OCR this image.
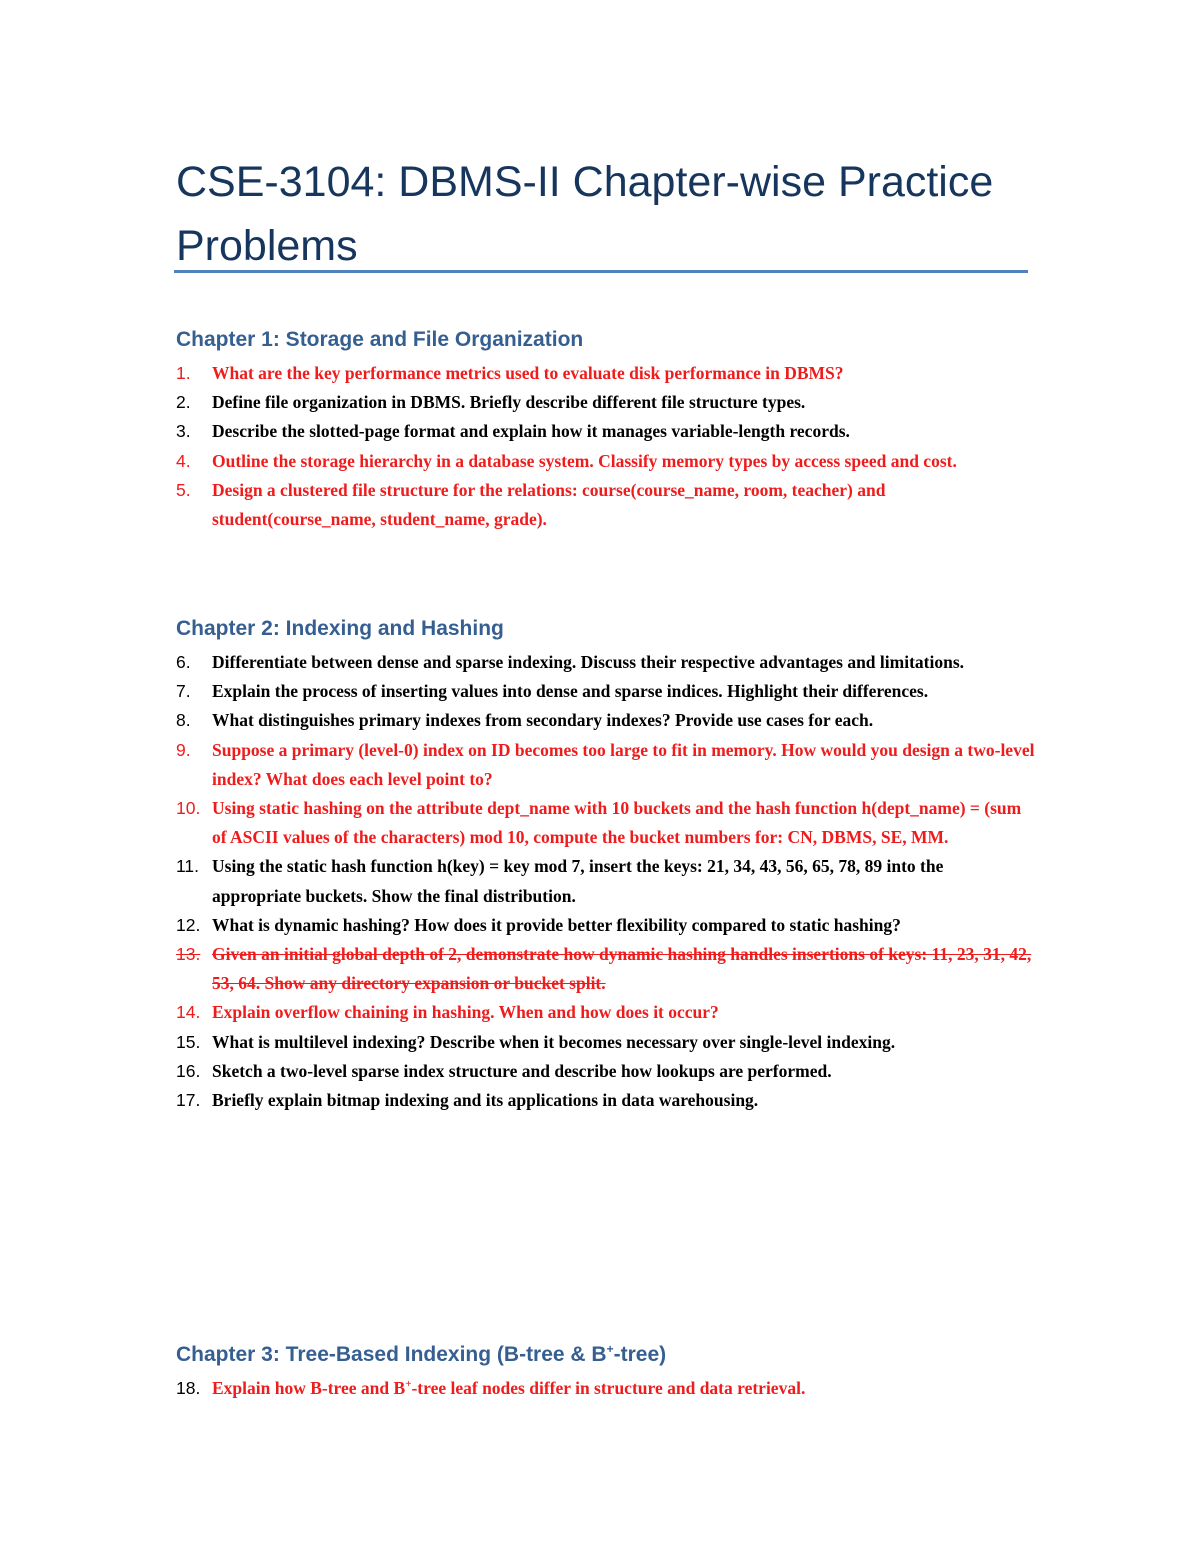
CSE-3104: DBMS-II Chapter-wise Practice Problems
Chapter 1: Storage and File Organization
1. What are the key performance metrics used to evaluate disk performance in DBMS?
2. Define file organization in DBMS. Briefly describe different file structure types.
3. Describe the slotted-page format and explain how it manages variable-length records.
4. Outline the storage hierarchy in a database system. Classify memory types by access speed and cost.
5. Design a clustered file structure for the relations: course(course_name, room, teacher) and student(course_name, student_name, grade).
Chapter 2: Indexing and Hashing
6. Differentiate between dense and sparse indexing. Discuss their respective advantages and limitations.
7. Explain the process of inserting values into dense and sparse indices. Highlight their differences.
8. What distinguishes primary indexes from secondary indexes? Provide use cases for each.
9. Suppose a primary (level-0) index on ID becomes too large to fit in memory. How would you design a two-level index? What does each level point to?
10. Using static hashing on the attribute dept_name with 10 buckets and the hash function h(dept_name) = (sum of ASCII values of the characters) mod 10, compute the bucket numbers for: CN, DBMS, SE, MM.
11. Using the static hash function h(key) = key mod 7, insert the keys: 21, 34, 43, 56, 65, 78, 89 into the appropriate buckets. Show the final distribution.
12. What is dynamic hashing? How does it provide better flexibility compared to static hashing?
13. Given an initial global depth of 2, demonstrate how dynamic hashing handles insertions of keys: 11, 23, 31, 42, 53, 64. Show any directory expansion or bucket split.
14. Explain overflow chaining in hashing. When and how does it occur?
15. What is multilevel indexing? Describe when it becomes necessary over single-level indexing.
16. Sketch a two-level sparse index structure and describe how lookups are performed.
17. Briefly explain bitmap indexing and its applications in data warehousing.
Chapter 3: Tree-Based Indexing (B-tree & B+-tree)
18. Explain how B-tree and B+-tree leaf nodes differ in structure and data retrieval.
